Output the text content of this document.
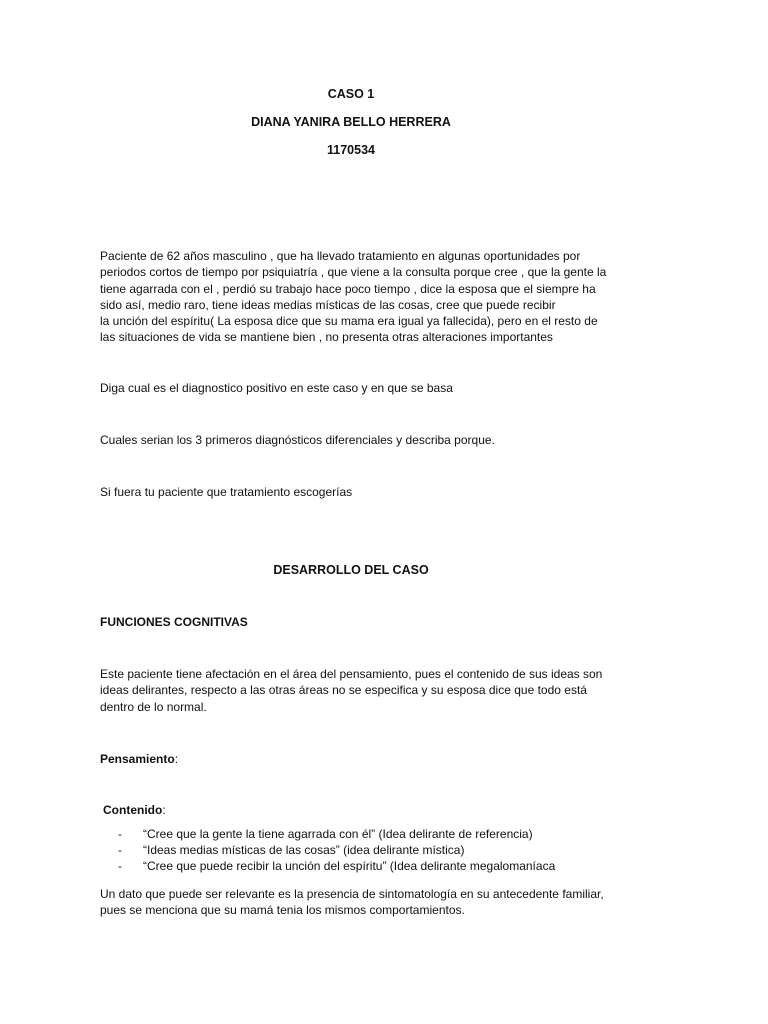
CASO 1
DIANA YANIRA BELLO HERRERA
1170534

Paciente de 62 años masculino , que ha llevado tratamiento en algunas oportunidades por

periodos cortos de tiempo por psiquiatría , que viene a la consulta porque cree , que la gente la

tiene agarrada con el , perdió su trabajo hace poco tiempo , dice la esposa que el siempre ha

sido así, medio raro, tiene ideas medias místicas de las cosas, cree que puede recibir

la unción del espíritu( La esposa dice que su mama era igual ya fallecida), pero en el resto de

las situaciones de vida se mantiene bien , no presenta otras alteraciones importantes

Diga cual es el diagnostico positivo en este caso y en que se basa
Cuales serian los 3 primeros diagnósticos diferenciales y describa porque.
Si fuera tu paciente que tratamiento escogerías
DESARROLLO DEL CASO
FUNCIONES COGNITIVAS

Este paciente tiene afectación en el área del pensamiento, pues el contenido de sus ideas son

ideas delirantes, respecto a las otras áreas no se especifica y su esposa dice que todo está

dentro de lo normal.

Pensamiento:
Contenido:
- “Cree que la gente la tiene agarrada con él” (Idea delirante de referencia)
- “Ideas medias místicas de las cosas” (idea delirante mística)
- “Cree que puede recibir la unción del espíritu” (Idea delirante megalomaníaca

Un dato que puede ser relevante es la presencia de sintomatología en su antecedente familiar,

pues se menciona que su mamá tenia los mismos comportamientos.
